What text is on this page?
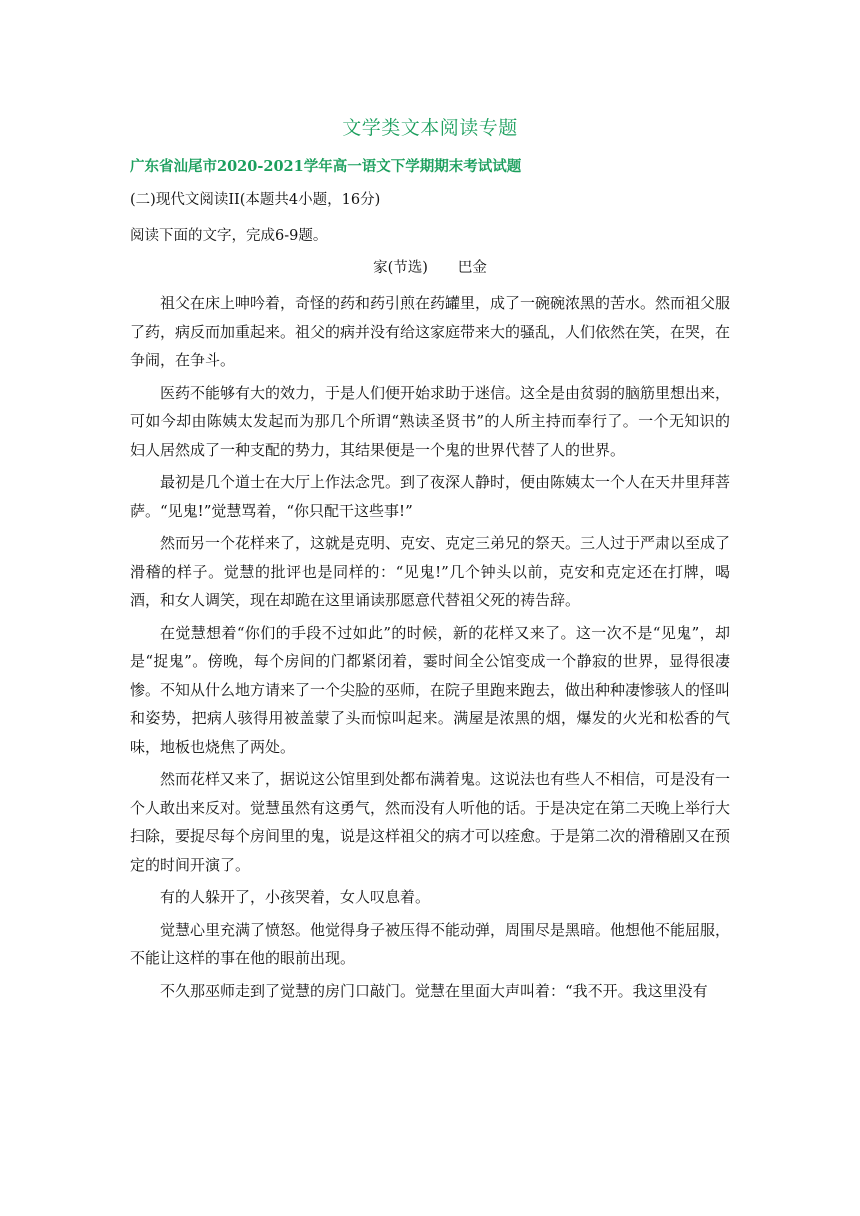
文学类文本阅读专题
广东省汕尾市2020-2021学年高一语文下学期期末考试试题
(二)现代文阅读ⅠI(本题共4小题，16分)
阅读下面的文字，完成6-9题。
家(节选) 巴金

祖父在床上呻吟着，奇怪的药和药引煎在药罐里，成了一碗碗浓黑的苦水。然而祖父服了药，病反而加重起来。祖父的病并没有给这家庭带来大的骚乱，人们依然在笑，在哭，在争闹，在争斗。

医药不能够有大的效力，于是人们便开始求助于迷信。这全是由贫弱的脑筋里想出来，可如今却由陈姨太发起而为那几个所谓“熟读圣贤书”的人所主持而奉行了。一个无知识的妇人居然成了一种支配的势力，其结果便是一个鬼的世界代替了人的世界。

最初是几个道士在大厅上作法念咒。到了夜深人静时，便由陈姨太一个人在天井里拜菩萨。“见鬼!”觉慧骂着，“你只配干这些事!”

然而另一个花样来了，这就是克明、克安、克定三弟兄的祭天。三人过于严肃以至成了滑稽的样子。觉慧的批评也是同样的：“见鬼!”几个钟头以前，克安和克定还在打牌，喝酒，和女人调笑，现在却跪在这里诵读那愿意代替祖父死的祷告辞。

在觉慧想着“你们的手段不过如此”的时候，新的花样又来了。这一次不是“见鬼”，却是“捉鬼”。傍晚，每个房间的门都紧闭着，霎时间全公馆变成一个静寂的世界，显得很凄惨。不知从什么地方请来了一个尖脸的巫师，在院子里跑来跑去，做出种种凄惨骇人的怪叫和姿势，把病人骇得用被盖蒙了头而惊叫起来。满屋是浓黑的烟，爆发的火光和松香的气味，地板也烧焦了两处。

然而花样又来了，据说这公馆里到处都布满着鬼。这说法也有些人不相信，可是没有一个人敢出来反对。觉慧虽然有这勇气，然而没有人听他的话。于是决定在第二天晚上举行大扫除，要捉尽每个房间里的鬼，说是这样祖父的病才可以痊愈。于是第二次的滑稽剧又在预定的时间开演了。

有的人躲开了，小孩哭着，女人叹息着。

觉慧心里充满了愤怒。他觉得身子被压得不能动弹，周围尽是黑暗。他想他不能屈服，不能让这样的事在他的眼前出现。

不久那巫师走到了觉慧的房门口敲门。觉慧在里面大声叫着：“我不开。我这里没有
